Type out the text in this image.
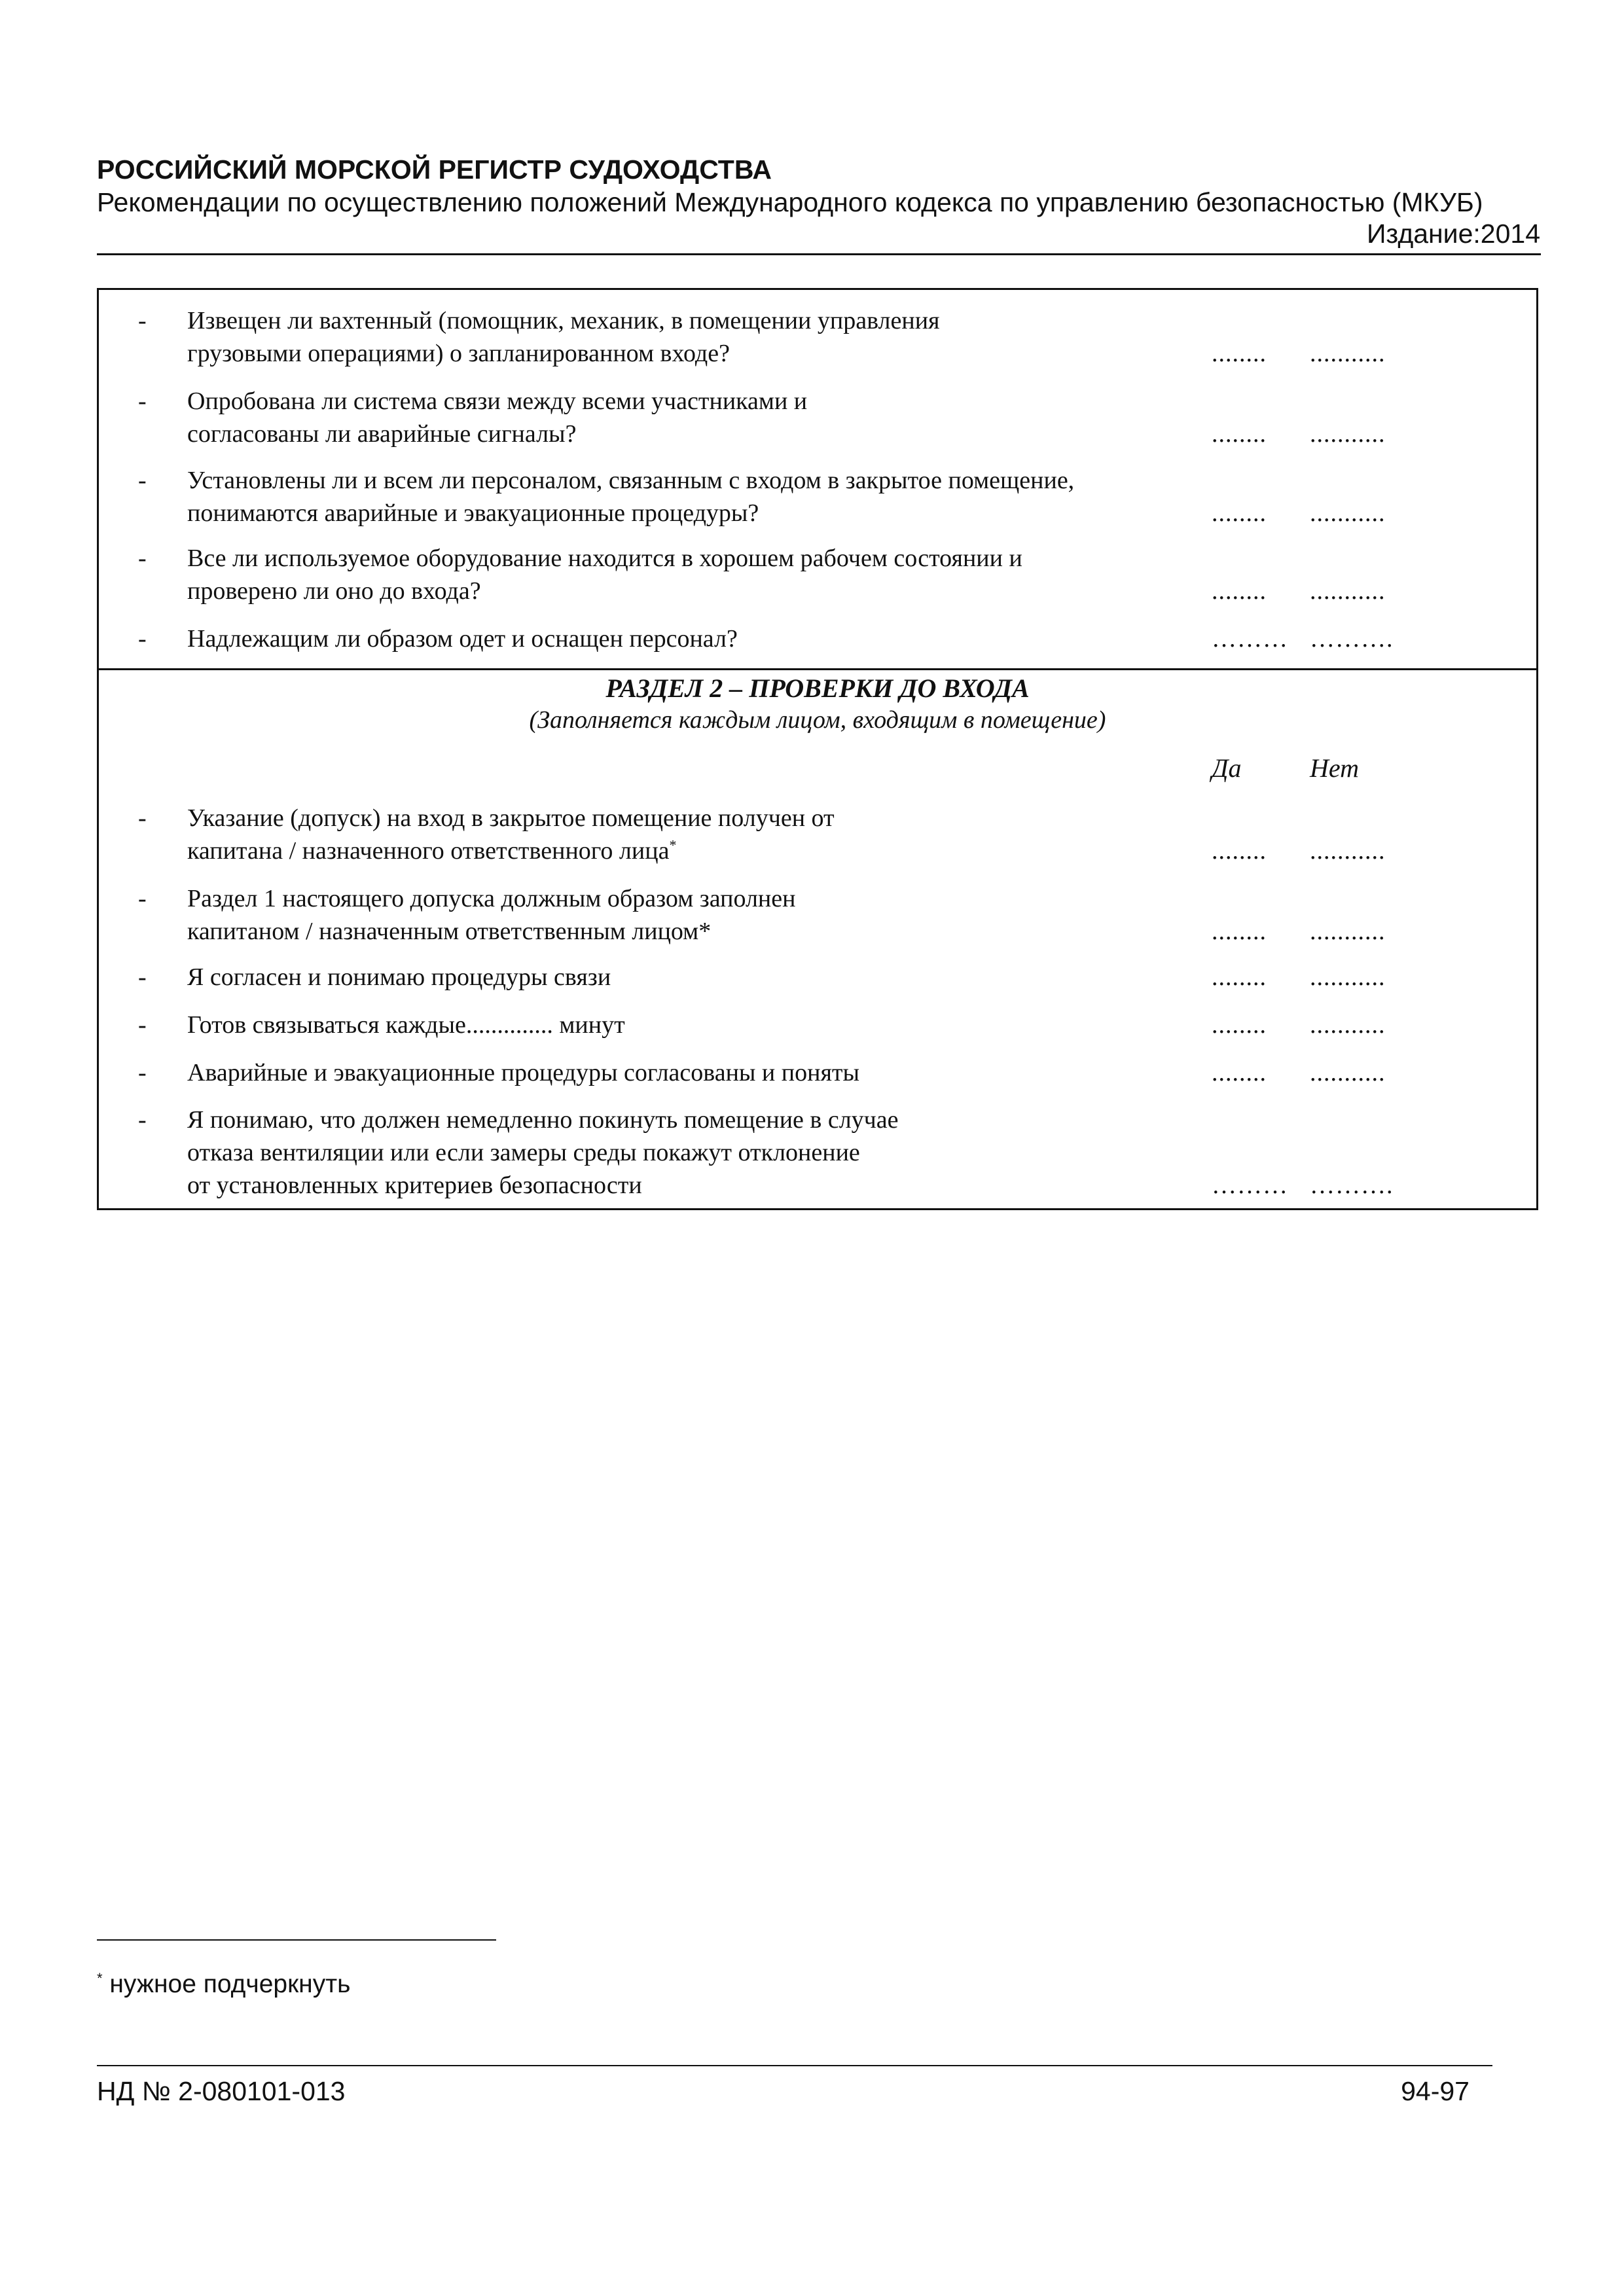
РОССИЙСКИЙ МОРСКОЙ РЕГИСТР СУДОХОДСТВА
Рекомендации по осуществлению положений Международного кодекса по управлению безопасностью (МКУБ)
Издание:2014
- Извещен ли вахтенный (помощник, механик, в помещении управления
грузовыми операциями) о запланированном входе?	........ ...........
- Опробована ли система связи между всеми участниками и
согласованы ли аварийные сигналы?	........ ...........
- Установлены ли и всем ли персоналом, связанным с входом в закрытое помещение,
понимаются аварийные и эвакуационные процедуры?	........ ...........
- Все ли используемое оборудование находится в хорошем рабочем состоянии и
проверено ли оно до входа?	........ ...........
- Надлежащим ли образом одет и оснащен персонал?	……… ……….
РАЗДЕЛ 2 – ПРОВЕРКИ ДО ВХОДА
(Заполняется каждым лицом, входящим в помещение)
Да	Нет
- Указание (допуск) на вход в закрытое помещение получен от
капитана / назначенного ответственного лица*	........ ...........
- Раздел 1 настоящего допуска должным образом заполнен
капитаном / назначенным ответственным лицом*	........ ...........
- Я согласен и понимаю процедуры связи	........ ...........
- Готов связываться каждые.............. минут	........ ...........
- Аварийные и эвакуационные процедуры согласованы и поняты	........ ...........
- Я понимаю, что должен немедленно покинуть помещение в случае
отказа вентиляции или если замеры среды покажут отклонение
от установленных критериев безопасности	……… ……….
* нужное подчеркнуть
НД № 2-080101-013	94-97
